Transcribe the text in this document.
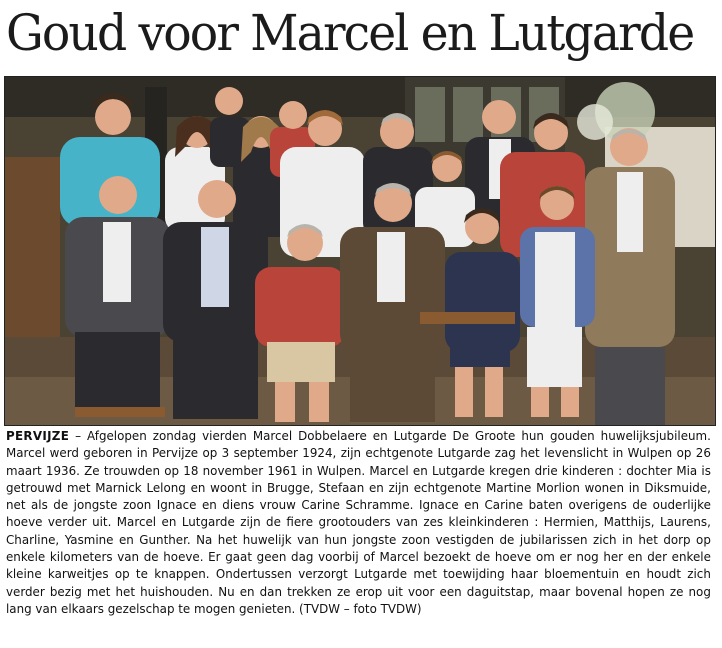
Goud voor Marcel en Lutgarde
PERVIJZE – Afgelopen zondag vierden Marcel Dobbelaere en Lutgarde De Groote hun gouden huwelijksjubileum. Marcel werd geboren in Pervijze op 3 september 1924, zijn echtgenote Lutgarde zag het levenslicht in Wulpen op 26 maart 1936. Ze trouwden op 18 november 1961 in Wulpen. Marcel en Lutgarde kregen drie kinderen : dochter Mia is getrouwd met Marnick Lelong en woont in Brugge, Stefaan en zijn echtgenote Martine Morlion wonen in Diksmuide, net als de jongste zoon Ignace en diens vrouw Carine Schramme. Ignace en Carine baten overigens de ouderlijke hoeve verder uit. Marcel en Lutgarde zijn de fiere grootouders van zes kleinkinderen : Hermien, Matthijs, Laurens, Charline, Yasmine en Gunther. Na het huwelijk van hun jongste zoon vestigden de jubilarissen zich in het dorp op enkele kilometers van de hoeve. Er gaat geen dag voorbij of Marcel bezoekt de hoeve om er nog her en der enkele kleine karweitjes op te knappen. Ondertussen verzorgt Lutgarde met toewijding haar bloementuin en houdt zich verder bezig met het huishouden. Nu en dan trekken ze erop uit voor een daguitstap, maar bovenal hopen ze nog lang van elkaars gezelschap te mogen genieten. (TVDW – foto TVDW)
